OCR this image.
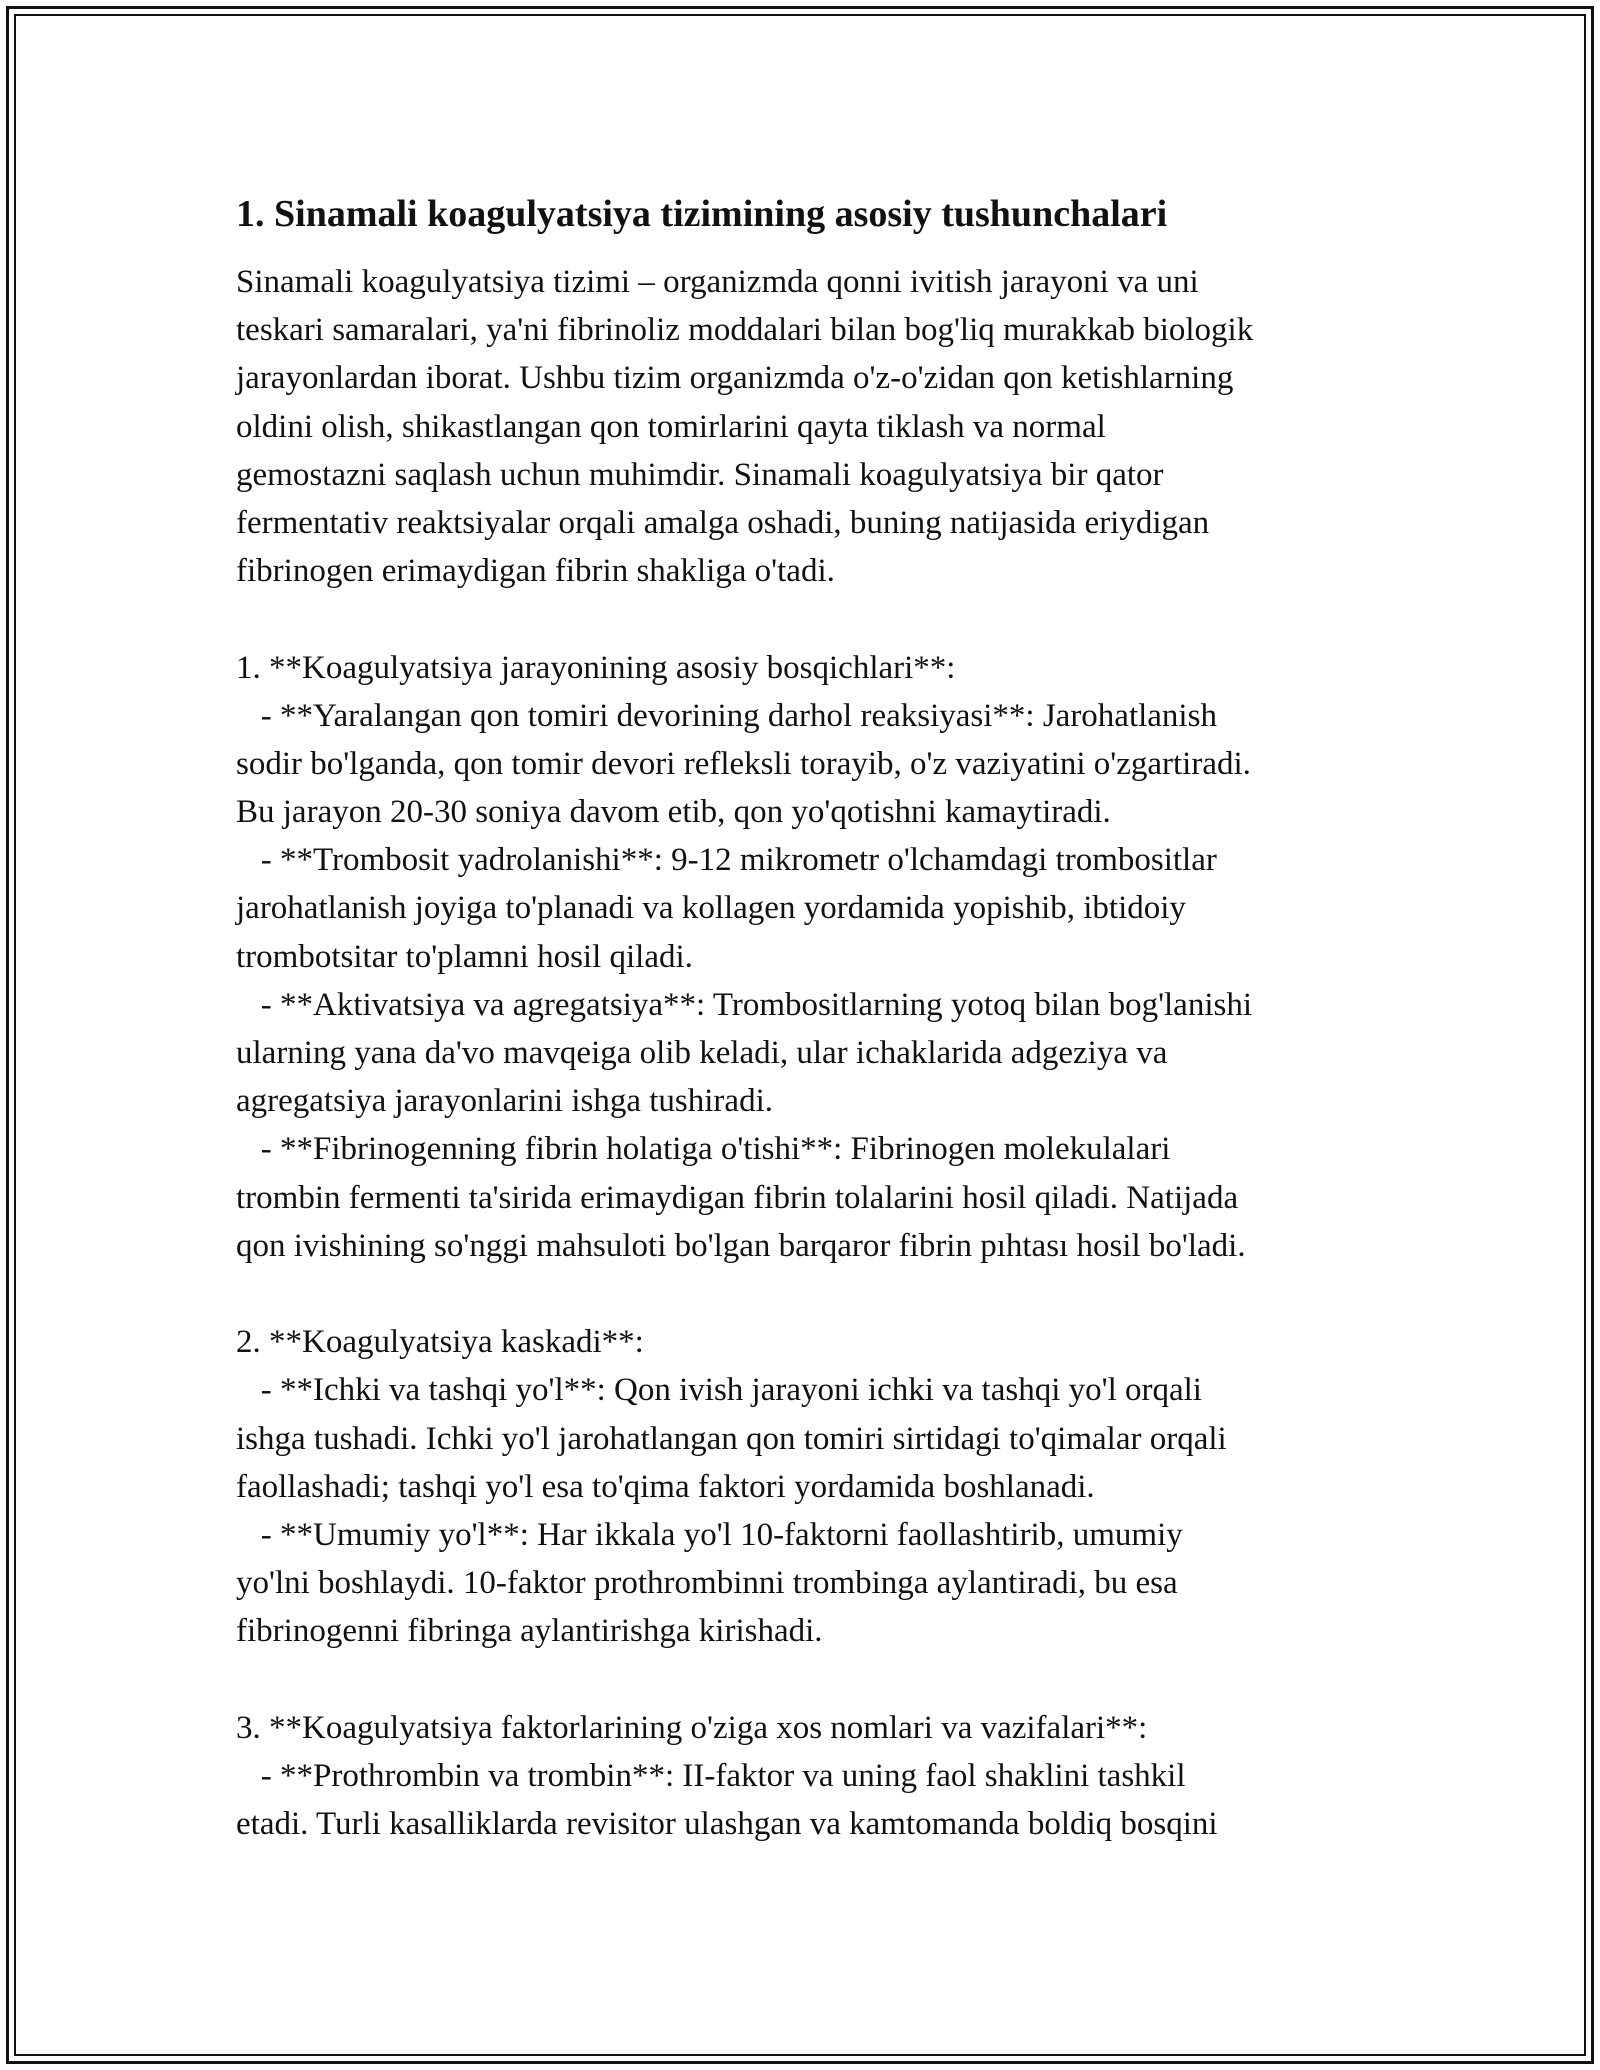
1. Sinamali koagulyatsiya tizimining asosiy tushunchalari
Sinamali koagulyatsiya tizimi – organizmda qonni ivitish jarayoni va uni
teskari samaralari, ya'ni fibrinoliz moddalari bilan bog'liq murakkab biologik
jarayonlardan iborat. Ushbu tizim organizmda o'z-o'zidan qon ketishlarning
oldini olish, shikastlangan qon tomirlarini qayta tiklash va normal
gemostazni saqlash uchun muhimdir. Sinamali koagulyatsiya bir qator
fermentativ reaktsiyalar orqali amalga oshadi, buning natijasida eriydigan
fibrinogen erimaydigan fibrin shakliga o'tadi.
1. **Koagulyatsiya jarayonining asosiy bosqichlari**:
- **Yaralangan qon tomiri devorining darhol reaksiyasi**: Jarohatlanish
sodir bo'lganda, qon tomir devori refleksli torayib, o'z vaziyatini o'zgartiradi.
Bu jarayon 20-30 soniya davom etib, qon yo'qotishni kamaytiradi.
- **Trombosit yadrolanishi**: 9-12 mikrometr o'lchamdagi trombositlar
jarohatlanish joyiga to'planadi va kollagen yordamida yopishib, ibtidoiy
trombotsitar to'plamni hosil qiladi.
- **Aktivatsiya va agregatsiya**: Trombositlarning yotoq bilan bog'lanishi
ularning yana da'vo mavqeiga olib keladi, ular ichaklarida adgeziya va
agregatsiya jarayonlarini ishga tushiradi.
- **Fibrinogenning fibrin holatiga o'tishi**: Fibrinogen molekulalari
trombin fermenti ta'sirida erimaydigan fibrin tolalarini hosil qiladi. Natijada
qon ivishining so'nggi mahsuloti bo'lgan barqaror fibrin pıhtası hosil bo'ladi.
2. **Koagulyatsiya kaskadi**:
- **Ichki va tashqi yo'l**: Qon ivish jarayoni ichki va tashqi yo'l orqali
ishga tushadi. Ichki yo'l jarohatlangan qon tomiri sirtidagi to'qimalar orqali
faollashadi; tashqi yo'l esa to'qima faktori yordamida boshlanadi.
- **Umumiy yo'l**: Har ikkala yo'l 10-faktorni faollashtirib, umumiy
yo'lni boshlaydi. 10-faktor prothrombinni trombinga aylantiradi, bu esa
fibrinogenni fibringa aylantirishga kirishadi.
3. **Koagulyatsiya faktorlarining o'ziga xos nomlari va vazifalari**:
- **Prothrombin va trombin**: II-faktor va uning faol shaklini tashkil
etadi. Turli kasalliklarda revisitor ulashgan va kamtomanda boldiq bosqini
